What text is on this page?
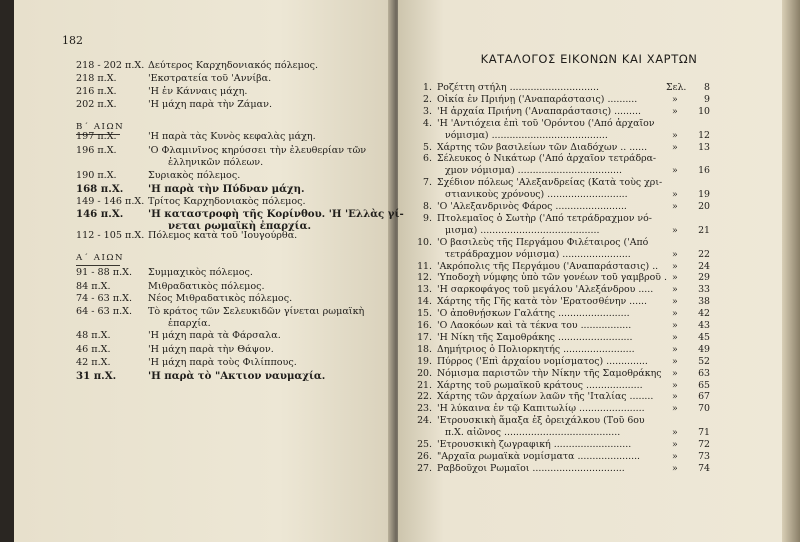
182
218 - 202 π.Χ. Δεύτερος Καρχηδονιακός πόλεμος.
218 π.Χ.	'Εκστρατεία τοῦ 'Αννίβα.
216 π.Χ.	'Η ἐν Κάνναις μάχη.
202 π.Χ.	'Η μάχη παρὰ τὴν Ζάμαν.
Β΄ ΑΙΩΝ
197 π.Χ.	'Η παρὰ τὰς Κυνὸς κεφαλὰς μάχη.
196 π.Χ.	'Ο Φλαμινῖνος κηρύσσει τὴν ἐλευθερίαν τῶν
ἑλληνικῶν πόλεων.
190 π.Χ.	Συριακὸς πόλεμος.
168 π.Χ. 'Η παρὰ τὴν Πύδναν μάχη.
149 - 146 π.Χ. Τρίτος Καρχηδονιακὸς πόλεμος.
146 π.Χ. 'Η καταστροφὴ τῆς Κορίνθου. 'Η 'Ελλὰς γί-
νεται ρωμαϊκὴ ἐπαρχία.
112 - 105 π.Χ. Πόλεμος κατὰ τοῦ 'Ιουγούρθα.
Α΄ ΑΙΩΝ
91 - 88 π.Χ. Συμμαχικὸς πόλεμος.
84 π.Χ.	Μιθραδατικὸς πόλεμος.
74 - 63 π.Χ. Νέος Μιθραδατικὸς πόλεμος.
64 - 63 π.Χ. Τὸ κράτος τῶν Σελευκιδῶν γίνεται ρωμαϊκὴ
ἐπαρχία.
48 π.Χ.	'Η μάχη παρὰ τὰ Φάρσαλα.
46 π.Χ.	'Η μάχη παρὰ τὴν Θάψον.
42 π.Χ.	'Η μάχη παρὰ τοὺς Φιλίππους.
31 π.Χ.	'Η παρὰ τὸ "Ακτιον ναυμαχία.
ΚΑΤΑΛΟΓΟΣ ΕΙΚΟΝΩΝ ΚΑΙ ΧΑΡΤΩΝ
1. Ροζέττη στήλη ..............................	Σελ.	8
2. Οἰκία ἐν Πριήνῃ ('Αναπαράστασις) ..........	»	9
3. 'Η ἀρχαία Πριήνη ('Αναπαράστασις) .........	»	10
4. 'Η 'Αντιόχεια ἐπὶ τοῦ 'Ορόντου ('Από ἀρχαῖον
νόμισμα) .......................................	»	12
5. Χάρτης τῶν βασιλείων τῶν Διαδόχων .. ......	»	13
6. Σέλευκος ὁ Νικάτωρ ('Από ἀρχαῖον τετράδρα-
χμον νόμισμα) ...................................	»	16
7. Σχέδιον πόλεως 'Αλεξανδρείας (Κατὰ τοὺς χρι-
στιανικοὺς χρόνους) ...........................	»	19
8. 'Ο 'Αλεξανδρινὸς Φάρος ........................	»	20
9. Πτολεμαῖος ὁ Σωτὴρ ('Από τετράδραχμον νό-
μισμα) ........................................	»	21
10. 'Ο βασιλεὺς τῆς Περγάμου Φιλέταιρος ('Από
τετράδραχμον νόμισμα) .......................	»	22
11. 'Ακρόπολις τῆς Περγάμου ('Αναπαράστασις) ..	»	24
12. 'Υποδοχὴ νύμφης ὑπὸ τῶν γονέων τοῦ γαμβροῦ . »	29
13. 'Η σαρκοφάγος τοῦ μεγάλου 'Αλεξάνδρου .....	»	33
14. Χάρτης τῆς Γῆς κατὰ τὸν 'Ερατοσθένην ......	»	38
15. 'Ο ἀποθνῄσκων Γαλάτης ........................	»	42
16. 'Ο Λαοκόων καὶ τὰ τέκνα του .................	»	43
17. 'Η Νίκη τῆς Σαμοθράκης .........................	»	45
18. Δημήτριος ὁ Πολιορκητής ........................	»	49
19. Πύρρος ('Επὶ ἀρχαίου νομίσματος) ..............	»	52
20. Νόμισμα παριστῶν τὴν Νίκην τῆς Σαμοθράκης	»	63
21. Χάρτης τοῦ ρωμαϊκοῦ κράτους ...................	»	65
22. Χάρτης τῶν ἀρχαίων λαῶν τῆς 'Ιταλίας ........	»	67
23. 'Η λύκαινα ἐν τῷ Καπιτωλίῳ ......................	»	70
24. 'Ετρουσκικὴ ἅμαξα ἐξ ὀρειχάλκου (Τοῦ 6ου
π.Χ. αἰῶνος .......................................	»	71
25. 'Ετρουσκικὴ ζωγραφική ..........................	»	72
26. "Αρχαῖα ρωμαϊκὰ νομίσματα .....................	»	73
27. Ραβδοῦχοι Ρωμαῖοι ...............................	»	74
